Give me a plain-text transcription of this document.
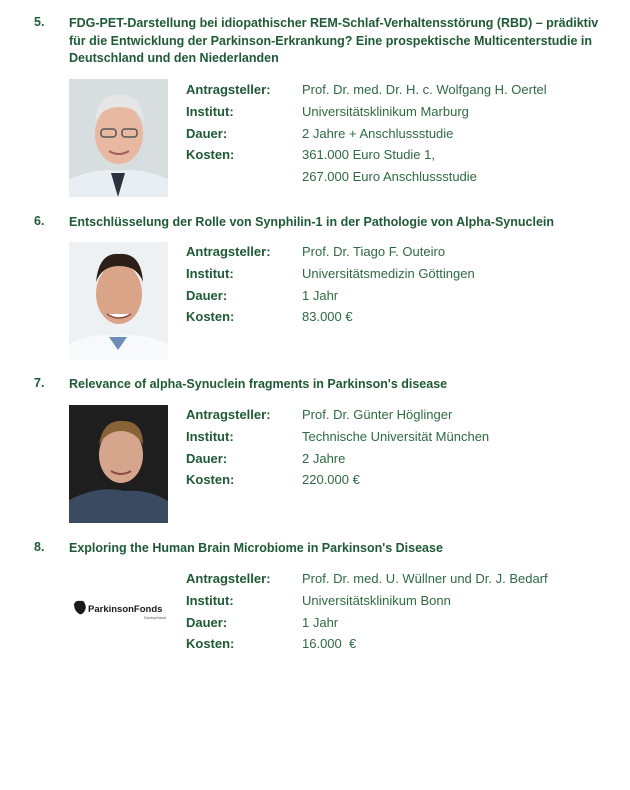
5. FDG-PET-Darstellung bei idiopathischer REM-Schlaf-Verhaltensstörung (RBD) – prädiktiv für die Entwicklung der Parkinson-Erkrankung? Eine prospektische Multicenterstudie in Deutschland und den Niederlanden
Antragsteller:	Prof. Dr. med. Dr. H. c. Wolfgang H. Oertel
Institut:	Universitätsklinikum Marburg
Dauer:	2 Jahre + Anschlussstudie
Kosten:	361.000 Euro Studie 1,
267.000 Euro Anschlussstudie
6. Entschlüsselung der Rolle von Synphilin-1 in der Pathologie von Alpha-Synuclein
Antragsteller:	Prof. Dr. Tiago F. Outeiro
Institut:	Universitätsmedizin Göttingen
Dauer:	1 Jahr
Kosten:	83.000 €
7. Relevance of alpha-Synuclein fragments in Parkinson's disease
Antragsteller:	Prof. Dr. Günter Höglinger
Institut:	Technische Universität München
Dauer:	2 Jahre
Kosten:	220.000 €
8. Exploring the Human Brain Microbiome in Parkinson's Disease
ParkinsonFonds
Deutschland
Antragsteller:	Prof. Dr. med. U. Wüllner und Dr. J. Bedarf
Institut:	Universitätsklinikum Bonn
Dauer:	1 Jahr
Kosten:	16.000  €
